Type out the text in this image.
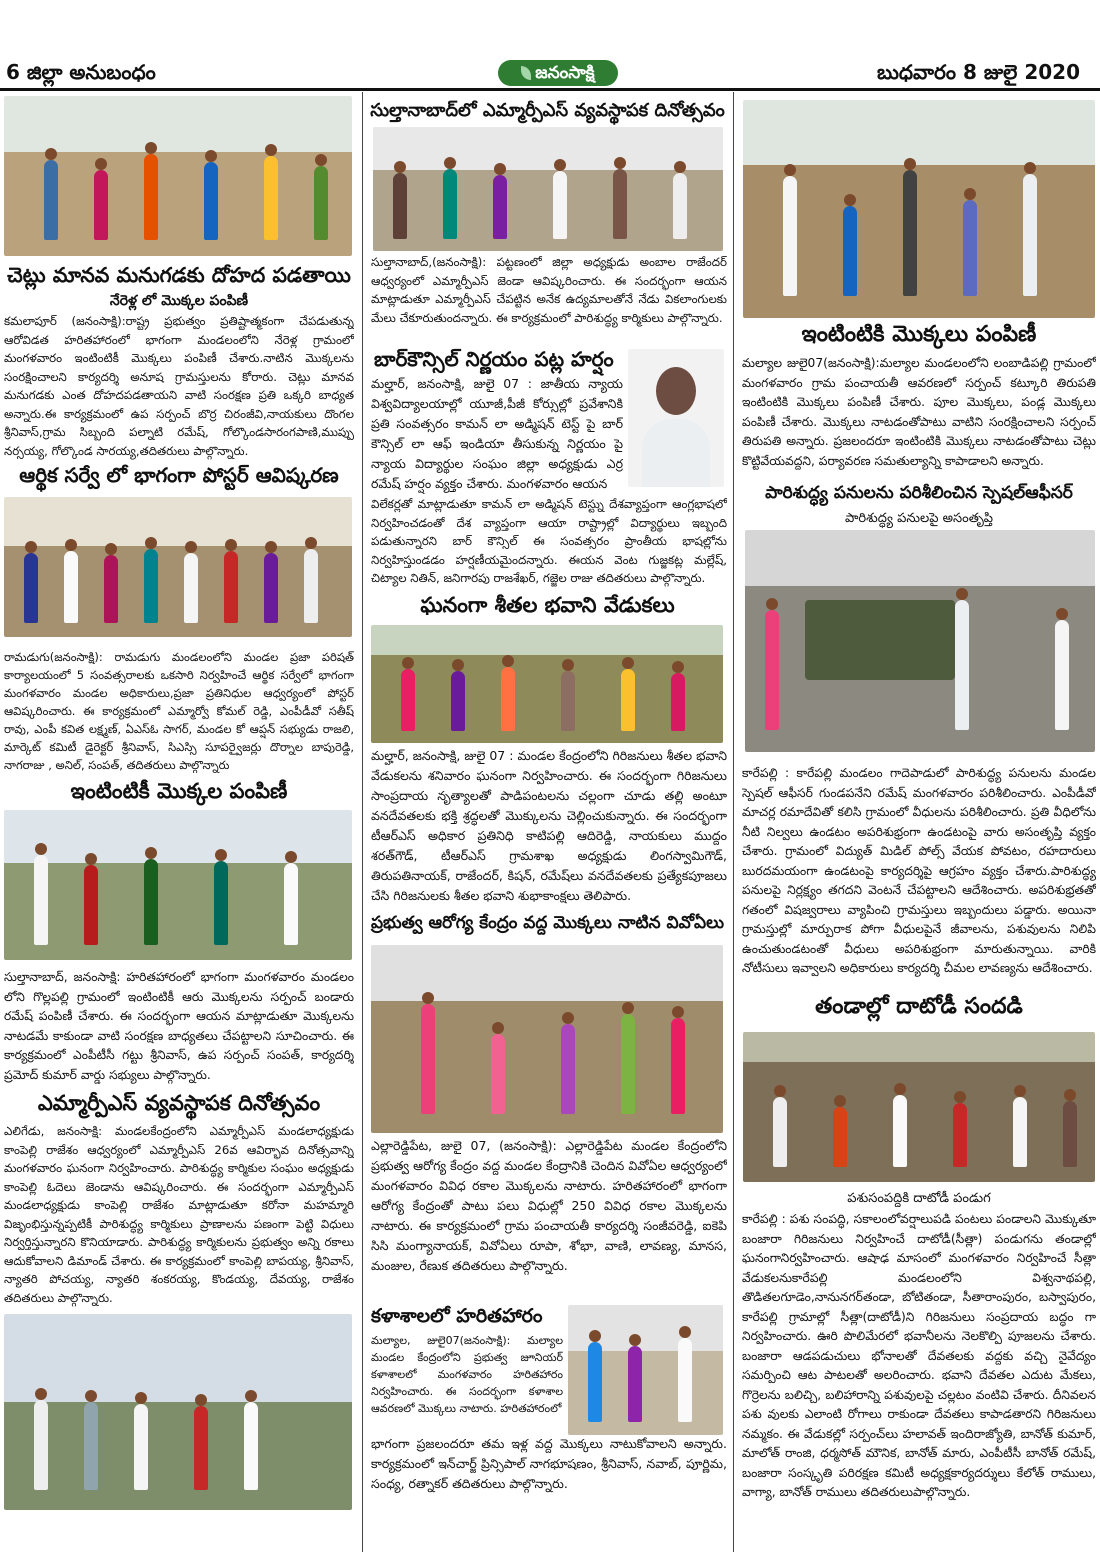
6 జిల్లా అనుబంధం	జనంసాక్షి	బుధవారం 8 జులై 2020
చెట్లు మానవ మనుగడకు దోహద పడతాయి
నేరెళ్ల లో మొక్కల పంపిణీ

కమలాపూర్ (జనంసాక్షి):రాష్ట్ర ప్రభుత్వం ప్రతిష్టాత్మకంగా చేపడుతున్న ఆరోవిడత హరితహారంలో భాగంగా మండలంలోని నేరెళ్ల గ్రామంలో మంగళవారం ఇంటింటికీ మొక్కలు పంపిణీ చేశారు.నాటిన మొక్కలను సంరక్షించాలని కార్యదర్శి అనూష గ్రామస్తులను కోరారు. చెట్లు మానవ మనుగడకు ఎంత దోహదపడతాయని వాటి సంరక్షణ ప్రతి ఒక్కరి బాధ్యత అన్నారు.ఈ కార్యక్రమంలో ఉప సర్పంచ్ బొర్ర చిరంజీవి,నాయకులు దొంగల శ్రీనివాస్,గ్రామ సిబ్బంది పల్నాటి రమేష్, గోల్కొండసారంగపాణి,ముప్పు నర్సయ్య, గోల్కొండ సారయ్య,తదితరులు పాల్గొన్నారు.

ఆర్థిక సర్వే లో భాగంగా పోస్టర్ ఆవిష్కరణ

రామడుగు(జనంసాక్షి): రామడుగు మండలంలోని మండల ప్రజా పరిషత్ కార్యాలయంలో 5 సంవత్సరాలకు ఒకసారి నిర్వహించే ఆర్థిక సర్వేలో భాగంగా మంగళవారం మండల అధికారులు,ప్రజా ప్రతినిధుల ఆధ్వర్యంలో పోస్టర్ ఆవిష్కరించారు. ఈ కార్యక్రమంలో ఎమ్మార్వో కోమల్ రెడ్డి, ఎంపీడీవో సతీష్ రావు, ఎంపీ కవిత లక్ష్మణ్, ఏఎస్ఓ సాగర్, మండల కో ఆప్షన్ సభ్యుడు రాజలి, మార్కెట్ కమిటీ డైరెక్టర్ శ్రీనివాస్, సిఎస్సి సూపర్వైజర్లు దొర్నాల బాపురెడ్డి, నాగరాజు , అనిల్, సంపత్, తదితరులు పాల్గొన్నారు

ఇంటింటికీ మొక్కల పంపిణీ

సుల్తానాబాద్, జనంసాక్షి: హరితహారంలో భాగంగా మంగళవారం మండలం లోని గొల్లపల్లి గ్రామంలో ఇంటింటికీ ఆరు మొక్కలను సర్పంచ్ బండారు రమేష్ పంపిణీ చేశారు. ఈ సందర్భంగా ఆయన మాట్లాడుతూ మొక్కలను నాటడమే కాకుండా వాటి సంరక్షణ బాధ్యతలు చేపట్టాలని సూచించారు. ఈ కార్యక్రమంలో ఎంపీటీసీ గట్టు శ్రీనివాస్, ఉప సర్పంచ్ సంపత్, కార్యదర్శి ప్రమోద్ కుమార్ వార్డు సభ్యులు పాల్గొన్నారు.

ఎమ్మార్పీఎస్ వ్యవస్థాపక దినోత్సవం

ఎలిగేడు, జనంసాక్షి: మండలకేంద్రంలోని ఎమ్మార్పీఎస్ మండలాధ్యక్షుడు కాంపెల్లి రాజేశం ఆధ్వర్యంలో ఎమ్మార్పీఎస్ 26వ ఆవిర్భావ దినోత్సవాన్ని మంగళవారం ఘనంగా నిర్వహించారు. పారిశుద్ధ్య కార్మికుల సంఘం అధ్యక్షుడు కాంపెల్లి ఓదెలు జెండాను ఆవిష్కరించారు. ఈ సందర్భంగా ఎమ్మార్పీఎస్ మండలాధ్యక్షుడు కాంపెల్లి రాజేశం మాట్లాడుతూ కరోనా మహమ్మారి విజృంభిస్తున్నప్పటికీ పారిశుద్ధ్య కార్మికులు ప్రాణాలను పణంగా పెట్టి విధులు నిర్వర్తిస్తున్నారని కొనియాడారు. పారిశుద్ధ్య కార్మికులను ప్రభుత్వం అన్ని రకాలు ఆదుకోవాలని డిమాండ్ చేశారు. ఈ కార్యక్రమంలో కాంపెల్లి బాపయ్య, శ్రీనివాస్, న్యాతరి పోచయ్య, న్యాతరి శంకరయ్య, కొండయ్య, దేవయ్య, రాజేశం తదితరులు పాల్గొన్నారు.

సుల్తానాబాద్‌లో ఎమ్మార్పీఎస్ వ్యవస్థాపక దినోత్సవం

సుల్తానాబాద్,(జనంసాక్షి): పట్టణంలో జిల్లా అధ్యక్షుడు అంబాల రాజేందర్ ఆధ్వర్యంలో ఎమ్మార్పీఎస్ జెండా ఆవిష్కరించారు. ఈ సందర్భంగా ఆయన మాట్లాడుతూ ఎమ్మార్పీఎస్ చేపట్టిన అనేక ఉద్యమాలతోనే నేడు వికలాంగులకు మేలు చేకూరుతుందన్నారు. ఈ కార్యక్రమంలో పారిశుద్ధ్య కార్మికులు పాల్గొన్నారు.

బార్‌కౌన్సిల్ నిర్ణయం పట్ల హర్షం

మల్హార్, జనంసాక్షి, జులై 07 : జాతీయ న్యాయ విశ్వవిద్యాలయాల్లో యూజీ,పీజీ కోర్సుల్లో ప్రవేశానికి ప్రతి సంవత్సరం కామన్ లా అడ్మిషన్ టెస్ట్ పై బార్ కౌన్సిల్ లా ఆఫ్ ఇండియా తీసుకున్న నిర్ణయం పై న్యాయ విద్యార్థుల సంఘం జిల్లా అధ్యక్షుడు ఎర్ర రమేష్ హర్షం వ్యక్తం చేశారు. మంగళవారం ఆయన

విలేకర్లతో మాట్లాడుతూ కామన్ లా అడ్మిషన్ టెస్ట్ను దేశవ్యాప్తంగా ఆంగ్లభాషలో నిర్వహించడంతో దేశ వ్యాప్తంగా ఆయా రాష్ట్రాల్లో విద్యార్థులు ఇబ్బంది పడుతున్నారని బార్ కౌన్సిల్ ఈ సంవత్సరం ప్రాంతీయ భాషల్లోను నిర్వహిస్తుండడం హర్షణీయమైందన్నారు. ఈయన వెంట గుజ్జకట్ల మల్లేష్, చిట్యాల నితిన్, జనిగారపు రాజశేఖర్, గజ్జెల రాజు తదితరులు పాల్గొన్నారు.

ఘనంగా శీతల భవాని వేడుకలు

మల్హార్, జనంసాక్షి, జులై 07 : మండల కేంద్రంలోని గిరిజనులు శీతల భవాని వేడుకలను శనివారం ఘనంగా నిర్వహించారు. ఈ సందర్భంగా గిరిజనులు సాంప్రదాయ నృత్యాలతో పాడిపంటలను చల్లంగా చూడు తల్లి అంటూ వనదేవతలకు భక్తి శ్రద్ధలతో మొక్కులను చెల్లించుకున్నారు. ఈ సందర్భంగా టీఆర్ఎస్ అధికార ప్రతినిధి కాటిపల్లి ఆదిరెడ్డి, నాయకులు ముద్దం శరత్‌గౌడ్, టీఆర్ఎస్ గ్రామశాఖ అధ్యక్షుడు లింగస్వామిగౌడ్, తిరుపతినాయక్, రాజేందర్, కిషన్, రమేష్‌లు వనదేవతలకు ప్రత్యేకపూజలు చేసి గిరిజనులకు శీతల భవాని శుభాకాంక్షలు తెలిపారు.

ప్రభుత్వ ఆరోగ్య కేంద్రం వద్ద మొక్కలు నాటిన వివోఏలు

ఎల్లారెడ్డిపేట, జులై 07, (జనంసాక్షి): ఎల్లారెడ్డిపేట మండల కేంద్రంలోని ప్రభుత్వ ఆరోగ్య కేంద్రం వద్ద మండల కేంద్రానికి చెందిన వివోఏల ఆధ్వర్యంలో మంగళవారం వివిధ రకాల మొక్కలను నాటారు. హరితహారంలో భాగంగా ఆరోగ్య కేంద్రంతో పాటు పలు విధుల్లో 250 వివిధ రకాల మొక్కలను నాటారు. ఈ కార్యక్రమంలో గ్రామ పంచాయతీ కార్యదర్శి సంజీవరెడ్డి, ఐకెపి సిసి మంగ్యానాయక్, వివోఏలు రూపా, శోభా, వాణి, లావణ్య, మానస, మంజుల, రేణుక తదితరులు పాల్గొన్నారు.

కళాశాలలో హరితహారం

మల్యాల, జులై07(జనంసాక్షి): మల్యాల మండల కేంద్రంలోని ప్రభుత్వ జూనియర్ కళాశాలలో మంగళవారం హరితహారం నిర్వహించారు. ఈ సందర్భంగా కళాశాల ఆవరణలో మొక్కలు నాటారు. హరితహారంలో

భాగంగా ప్రజలందరూ తమ ఇళ్ల వద్ద మొక్కలు నాటుకోవాలని అన్నారు. కార్యక్రమంలో ఇన్‌చార్జ్ ప్రిన్సిపాల్ నాగభూషణం, శ్రీనివాస్, నవాబ్, పూర్ణిమ, సంధ్య, రత్నాకర్ తదితరులు పాల్గొన్నారు.

ఇంటింటికి మొక్కలు పంపిణీ

మల్యాల జులై07(జనంసాక్షి):మల్యాల మండలంలోని లంబాడిపల్లి గ్రామంలో మంగళవారం గ్రామ పంచాయతీ ఆవరణలో సర్పంచ్ కట్కూరి తిరుపతి ఇంటింటికి మొక్కలు పంపిణీ చేశారు. పూల మొక్కలు, పండ్ల మొక్కలు పంపిణీ చేశారు. మొక్కలు నాటడంతోపాటు వాటిని సంరక్షించాలని సర్పంచ్ తిరుపతి అన్నారు. ప్రజలందరూ ఇంటింటికి మొక్కలు నాటడంతోపాటు చెట్లు కొట్టివేయవద్దని, పర్యావరణ సమతుల్యాన్ని కాపాడాలని అన్నారు.

పారిశుద్ధ్య పనులను పరిశీలించిన స్పెషల్‌ఆఫీసర్
పారిశుద్ధ్య పనులపై అసంతృప్తి

కారేపల్లి : కారేపల్లి మండలం గాదెపాడులో పారిశుద్ధ్య పనులను మండల స్పెషల్ ఆఫీసర్ గుండపనేని రమేష్ మంగళవారం పరిశీలించారు. ఎంపీడీవో మాచర్ల రమాదేవితో కలిసి గ్రామంలో వీధులను పరిశీలించారు. ప్రతి వీధిలోను నీటి నిల్వలు ఉండటం అపరిశుభ్రంగా ఉండటంపై వారు అసంతృప్తి వ్యక్తం చేశారు. గ్రామంలో విద్యుత్ మిడిల్ పోల్స్ వేయక పోవటం, రహదారులు బురదమయంగా ఉండటంపై కార్యదర్శిపై ఆగ్రహం వ్యక్తం చేశారు.పారిశుద్ధ్య పనులపై నిర్లక్ష్యం తగదని వెంటనే చేపట్టాలని ఆదేశించారు. అపరిశుభ్రతతో గతంలో విషజ్వరాలు వ్యాపించి గ్రామస్తులు ఇబ్బందులు పడ్డారు. అయినా గ్రామస్తుల్లో మార్పురాక పోగా వీధులపైనే జీవాలను, పశువులను నిలిపి ఉంచుతుండటంతో వీధులు అపరిశుభ్రంగా మారుతున్నాయి. వారికి నోటీసులు ఇవ్వాలని అధికారులు కార్యదర్శి చీమల లావణ్యను ఆదేశించారు.

తండాల్లో దాటోడీ సందడి
పశుసంపద్దికి దాటోడీ పండుగ

కారేపల్లి : పశు సంపద్ధి, సకాలంలోవర్షాలుపడి పంటలు పండాలని మొక్కుతూ బంజారా గిరిజనులు నిర్వహించే దాటోడీ(సీత్లా) పండుగను తండాల్లో ఘనంగానిర్వహించారు. ఆషాఢ మాసంలో మంగళవారం నిర్వహించే సీత్లా వేడుకలనుకారేపల్లి మండలంలోని విశ్వనాథపల్లి, తొడితలగూడెం,నానునగర్‌తండా, బోటితండా, సీతారాంపురం, బస్వాపురం, కారేపల్లి గ్రామాల్లో సీత్లా(దాటోడీ)ని గిరిజనులు సంప్రదాయ బద్ధం గా నిర్వహించారు. ఊరి పొలిమేరలో భవానీలను నెలకొల్పి పూజలను చేశారు. బంజారా ఆడపడుచులు భోనాలతో దేవతలకు వద్దకు వచ్చి నైవేద్యం సమర్పించి ఆట పాటలతో అలరించారు. భవాని దేవతల ఎదుట మేకలు, గొర్రెలను బలిచ్చి, బలిహారాన్ని పశువులపై చల్లటం వంటివి చేశారు. దీనివలన పశు వులకు ఎలాంటి రోగాలు రాకుండా దేవతలు కాపాడతారని గిరిజనులు నమ్మకం. ఈ వేడుకల్లో సర్పంచ్‌లు హలావత్ ఇందిరాజ్యోతి, బానోత్ కుమార్, మాలోత్ రాంజి, ధర్మసోత్ మౌనిక, బానోత్ మారు, ఎంపీటీసీ బానోత్ రమేష్, బంజారా సంస్కృతి పరిరక్షణ కమిటీ అధ్యక్షకార్యదర్శులు కేలోత్ రాములు, వాగ్యా, బానోత్ రాములు తదితరులుపాల్గొన్నారు.
